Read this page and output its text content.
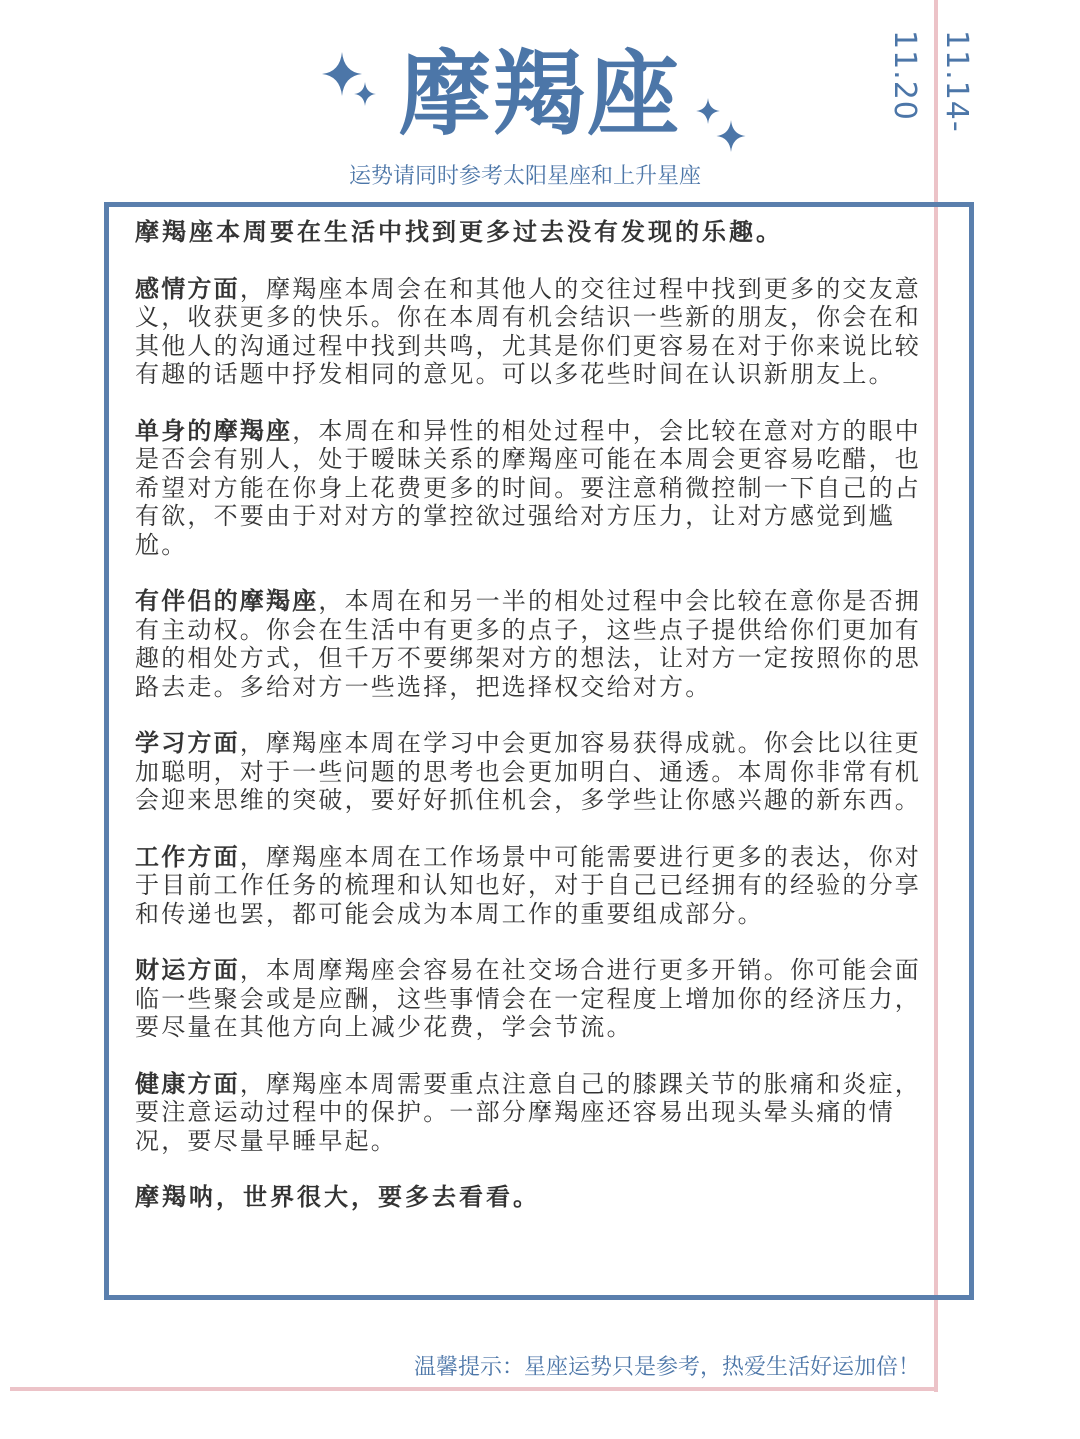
11.14-11.20
摩羯座
运势请同时参考太阳星座和上升星座

摩羯座本周要在生活中找到更多过去没有发现的乐趣。

感情方面，摩羯座本周会在和其他人的交往过程中找到更多的交友意义，收获更多的快乐。你在本周有机会结识一些新的朋友，你会在和其他人的沟通过程中找到共鸣，尤其是你们更容易在对于你来说比较有趣的话题中抒发相同的意见。可以多花些时间在认识新朋友上。

单身的摩羯座，本周在和异性的相处过程中，会比较在意对方的眼中是否会有别人，处于暧昧关系的摩羯座可能在本周会更容易吃醋，也希望对方能在你身上花费更多的时间。要注意稍微控制一下自己的占有欲，不要由于对对方的掌控欲过强给对方压力，让对方感觉到尴尬。

有伴侣的摩羯座，本周在和另一半的相处过程中会比较在意你是否拥有主动权。你会在生活中有更多的点子，这些点子提供给你们更加有趣的相处方式，但千万不要绑架对方的想法，让对方一定按照你的思路去走。多给对方一些选择，把选择权交给对方。

学习方面，摩羯座本周在学习中会更加容易获得成就。你会比以往更加聪明，对于一些问题的思考也会更加明白、通透。本周你非常有机会迎来思维的突破，要好好抓住机会，多学些让你感兴趣的新东西。

工作方面，摩羯座本周在工作场景中可能需要进行更多的表达，你对于目前工作任务的梳理和认知也好，对于自己已经拥有的经验的分享和传递也罢，都可能会成为本周工作的重要组成部分。

财运方面，本周摩羯座会容易在社交场合进行更多开销。你可能会面临一些聚会或是应酬，这些事情会在一定程度上增加你的经济压力，要尽量在其他方向上减少花费，学会节流。

健康方面，摩羯座本周需要重点注意自己的膝踝关节的胀痛和炎症，要注意运动过程中的保护。一部分摩羯座还容易出现头晕头痛的情况，要尽量早睡早起。

摩羯呐，世界很大，要多去看看。

温馨提示：星座运势只是参考，热爱生活好运加倍！
